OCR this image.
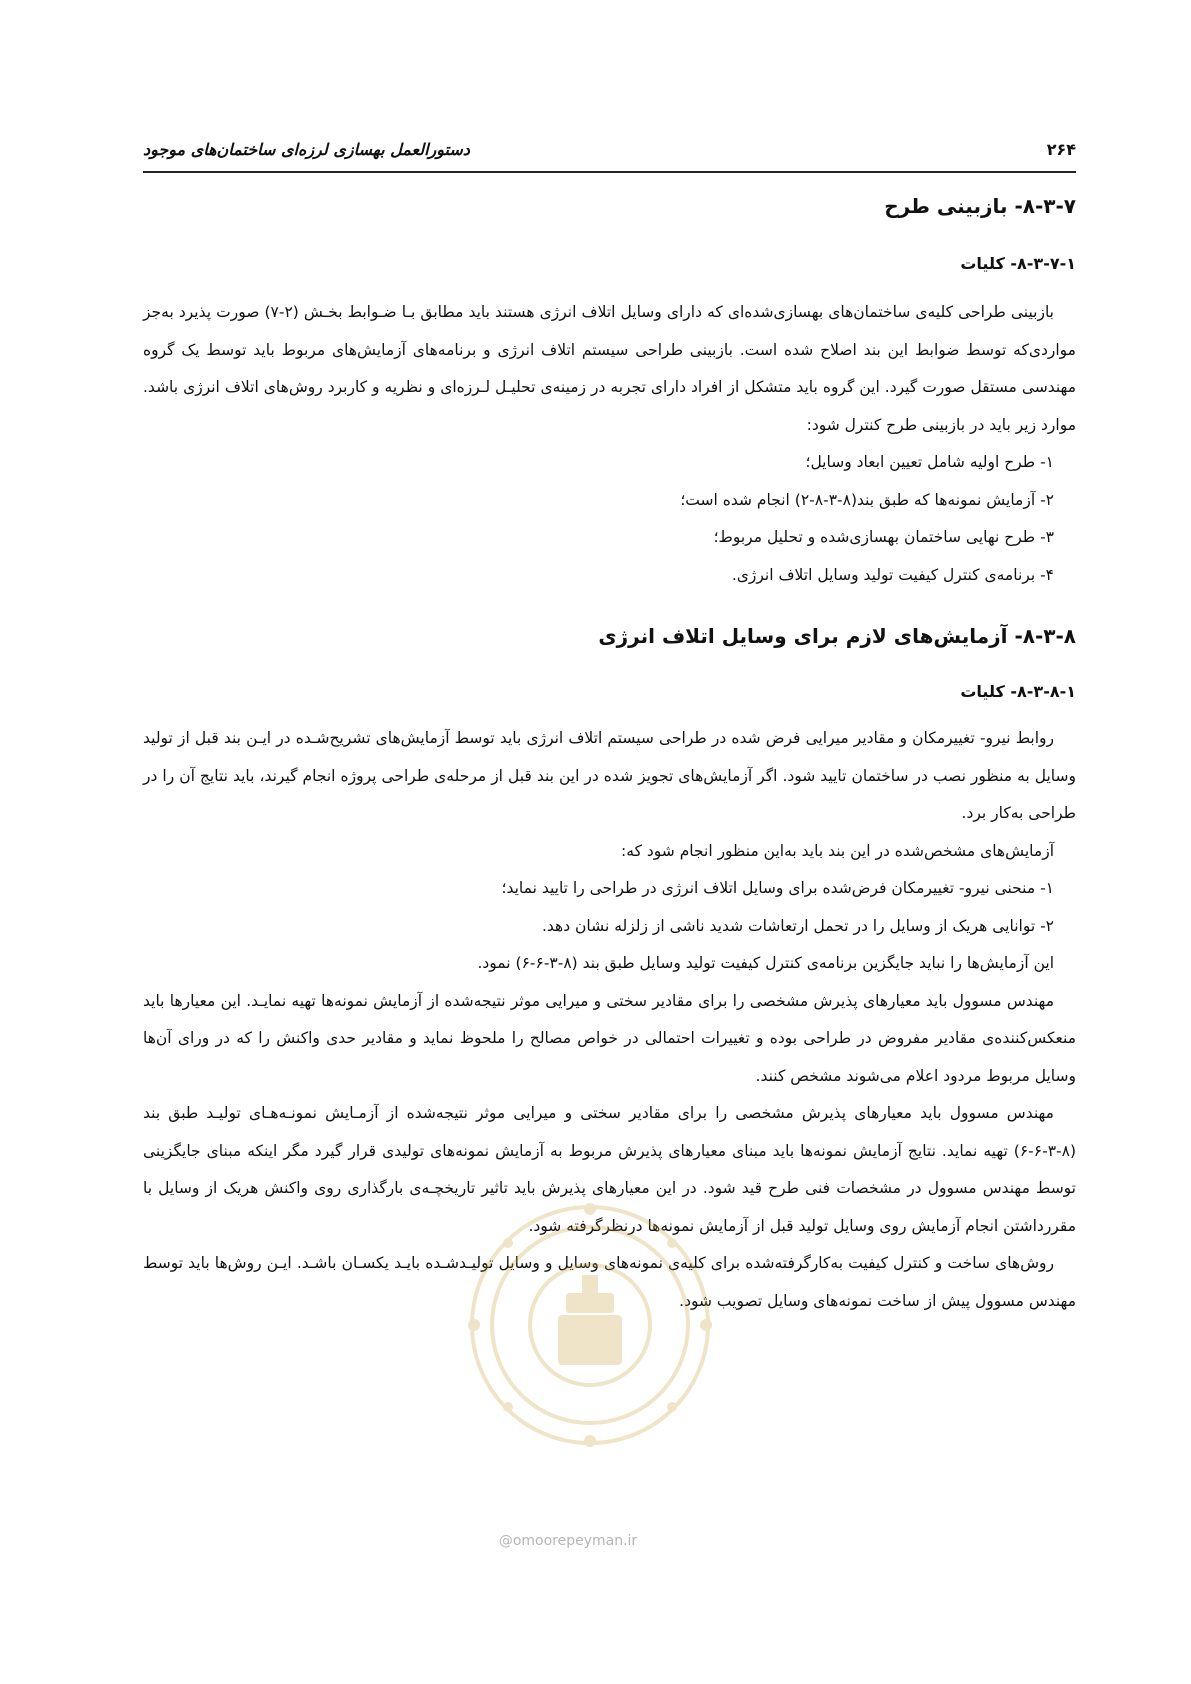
۲۶۴
دستورالعمل بهسازی لرزه‌ای ساختمان‌های موجود
۸-۳-۷- بازبینی طرح
۸-۳-۷-۱- کلیات

بازبینی طراحی کلیه‌ی ساختمان‌های بهسازی‌شده‌ای که دارای وسایل اتلاف انرژی هستند باید مطابق بـا ضـوابط بخـش (۲-۷) صورت پذیرد به‌جز مواردی‌که توسط ضوابط این بند اصلاح شده است. بازبینی طراحی سیستم اتلاف انرژی و برنامه‌های آزمایش‌های مربوط باید توسط یک گروه مهندسی مستقل صورت گیرد. این گروه باید متشکل از افراد دارای تجربه در زمینه‌ی تحلیـل لـرزه‌ای و نظریه و کاربرد روش‌های اتلاف انرژی باشد. موارد زیر باید در بازبینی طرح کنترل شود:

۱- طرح اولیه شامل تعیین ابعاد وسایل؛
۲- آزمایش نمونه‌ها که طبق بند(۸-۳-۸-۲) انجام شده است؛
۳- طرح نهایی ساختمان بهسازی‌شده و تحلیل مربوط؛
۴- برنامه‌ی کنترل کیفیت تولید وسایل اتلاف انرژی.
۸-۳-۸- آزمایش‌های لازم برای وسایل اتلاف انرژی
۸-۳-۸-۱- کلیات

روابط نیرو- تغییرمکان و مقادیر میرایی فرض شده در طراحی سیستم اتلاف انرژی باید توسط آزمایش‌های تشریح‌شـده در ایـن بند قبل از تولید وسایل به منظور نصب در ساختمان تایید شود. اگر آزمایش‌های تجویز شده در این بند قبل از مرحله‌ی طراحی پروژه انجام گیرند، باید نتایج آن را در طراحی به‌کار برد.

آزمایش‌های مشخص‌شده در این بند باید به‌این منظور انجام شود که:

۱- منحنی نیرو- تغییرمکان فرض‌شده برای وسایل اتلاف انرژی در طراحی را تایید نماید؛
۲- توانایی هریک از وسایل را در تحمل ارتعاشات شدید ناشی از زلزله نشان دهد.

این آزمایش‌ها را نباید جایگزین برنامه‌ی کنترل کیفیت تولید وسایل طبق بند (۸-۳-۶-۶) نمود.

مهندس مسوول باید معیارهای پذیرش مشخصی را برای مقادیر سختی و میرایی موثر نتیجه‌شده از آزمایش نمونه‌ها تهیه نمایـد. این معیارها باید منعکس‌کننده‌ی مقادیر مفروض در طراحی بوده و تغییرات احتمالی در خواص مصالح را ملحوظ نماید و مقادیر حدی واکنش را که در ورای آن‌ها وسایل مربوط مردود اعلام می‌شوند مشخص کنند.

مهندس مسوول باید معیارهای پذیرش مشخصی را برای مقادیر سختی و میرایی موثر نتیجه‌شده از آزمـایش نمونـه‌هـای تولیـد طبق بند (۸-۳-۶-۶) تهیه نماید. نتایج آزمایش نمونه‌ها باید مبنای معیارهای پذیرش مربوط به آزمایش نمونه‌های تولیدی قرار گیرد مگر اینکه مبنای جایگزینی توسط مهندس مسوول در مشخصات فنی طرح قید شود. در این معیارهای پذیرش باید تاثیر تاریخچـه‌ی بارگذاری روی واکنش هریک از وسایل با مقرر‌داشتن انجام آزمایش روی وسایل تولید قبل از آزمایش نمونه‌ها درنظرگرفته شود.

روش‌های ساخت و کنترل کیفیت به‌کارگرفته‌شده برای کلیه‌ی نمونه‌های وسایل و وسایل تولیـدشـده بایـد یکسـان باشـد. ایـن روش‌ها باید توسط مهندس مسوول پیش از ساخت نمونه‌های وسایل تصویب شود.

@omoorepeyman.ir
